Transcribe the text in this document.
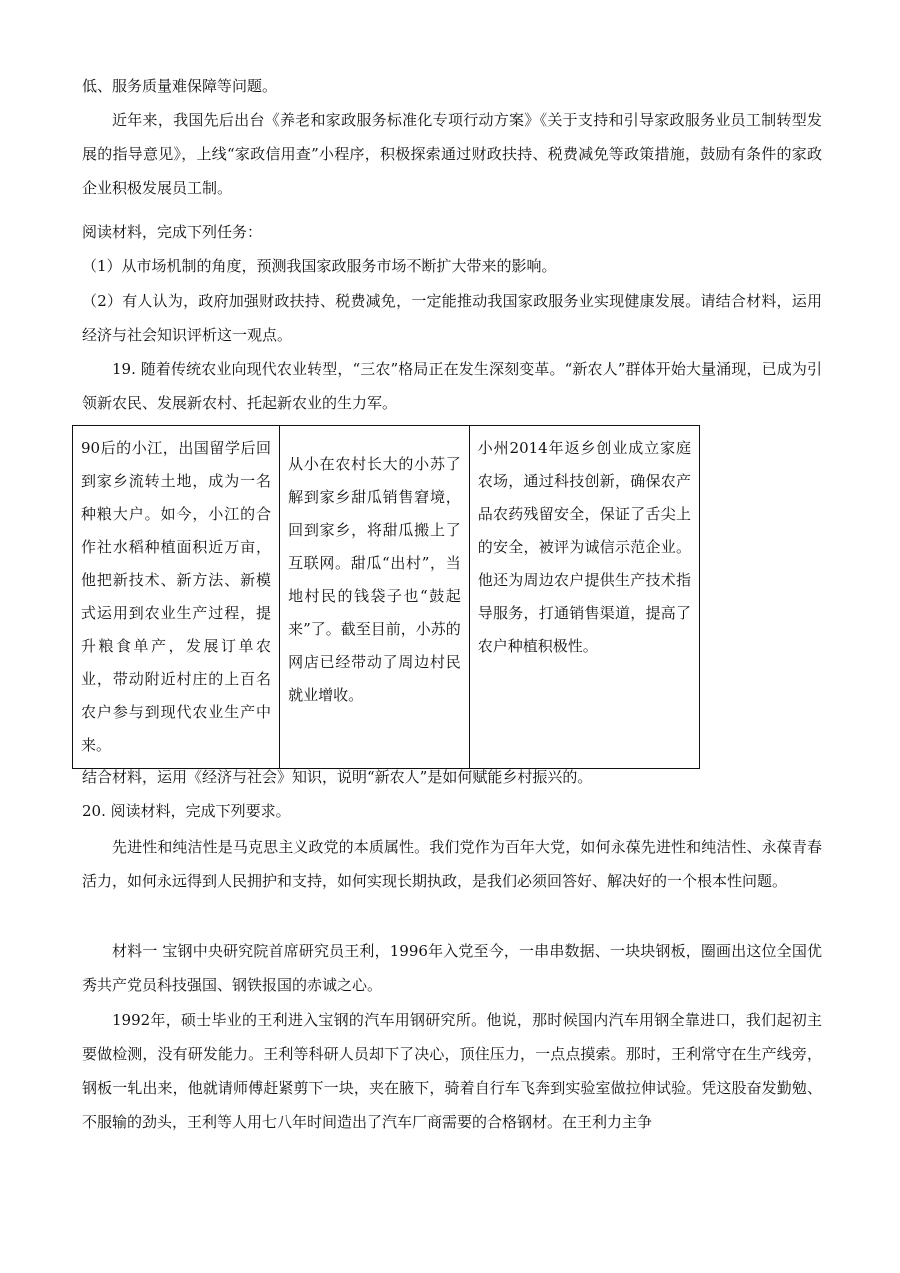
低、服务质量难保障等问题。

近年来，我国先后出台《养老和家政服务标准化专项行动方案》《关于支持和引导家政服务业员工制转型发展的指导意见》，上线“家政信用查”小程序，积极探索通过财政扶持、税费减免等政策措施，鼓励有条件的家政企业积极发展员工制。

阅读材料，完成下列任务：

（1）从市场机制的角度，预测我国家政服务市场不断扩大带来的影响。

（2）有人认为，政府加强财政扶持、税费减免，一定能推动我国家政服务业实现健康发展。请结合材料，运用经济与社会知识评析这一观点。

19. 随着传统农业向现代农业转型，“三农”格局正在发生深刻变革。“新农人”群体开始大量涌现，已成为引领新农民、发展新农村、托起新农业的生力军。

90后的小江，出国留学后回到家乡流转土地，成为一名种粮大户。如今，小江的合作社水稻种植面积近万亩，他把新技术、新方法、新模式运用到农业生产过程，提升粮食单产，发展订单农业，带动附近村庄的上百名农户参与到现代农业生产中来。	从小在农村长大的小苏了解到家乡甜瓜销售窘境，回到家乡，将甜瓜搬上了互联网。甜瓜“出村”，当地村民的钱袋子也“鼓起来”了。截至目前，小苏的网店已经带动了周边村民就业增收。	小州2014年返乡创业成立家庭农场，通过科技创新，确保农产品农药残留安全，保证了舌尖上的安全，被评为诚信示范企业。他还为周边农户提供生产技术指导服务，打通销售渠道，提高了农户种植积极性。

结合材料，运用《经济与社会》知识，说明“新农人”是如何赋能乡村振兴的。

20. 阅读材料，完成下列要求。

先进性和纯洁性是马克思主义政党的本质属性。我们党作为百年大党，如何永葆先进性和纯洁性、永葆青春活力，如何永远得到人民拥护和支持，如何实现长期执政，是我们必须回答好、解决好的一个根本性问题。

材料一 宝钢中央研究院首席研究员王利，1996年入党至今，一串串数据、一块块钢板，圈画出这位全国优秀共产党员科技强国、钢铁报国的赤诚之心。

1992年，硕士毕业的王利进入宝钢的汽车用钢研究所。他说，那时候国内汽车用钢全靠进口，我们起初主要做检测，没有研发能力。王利等科研人员却下了决心，顶住压力，一点点摸索。那时，王利常守在生产线旁，钢板一轧出来，他就请师傅赶紧剪下一块，夹在腋下，骑着自行车飞奔到实验室做拉伸试验。凭这股奋发勤勉、不服输的劲头，王利等人用七八年时间造出了汽车厂商需要的合格钢材。在王利力主争
